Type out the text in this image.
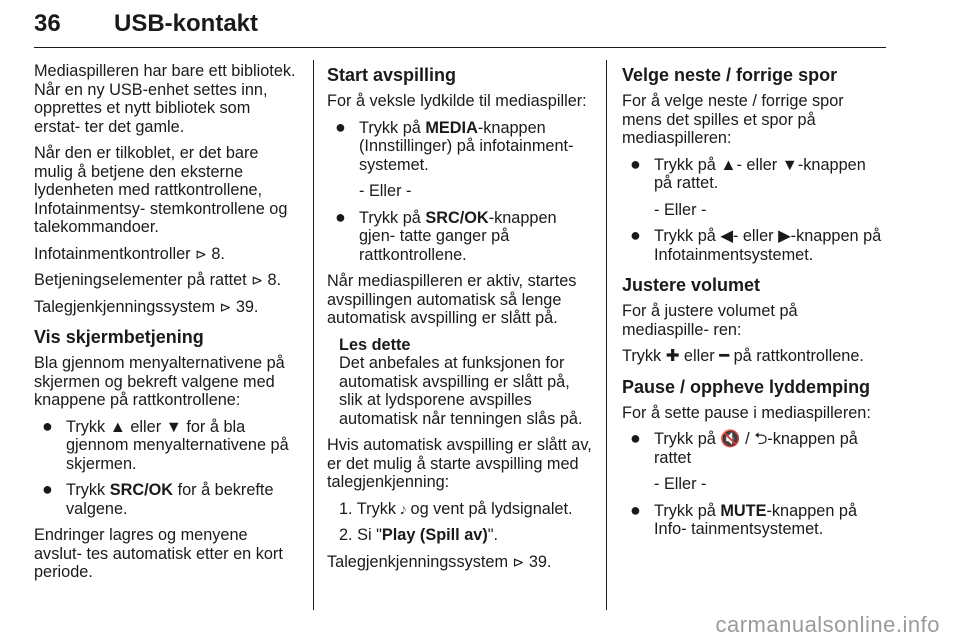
36 USB-kontakt

Mediaspilleren har bare ett bibliotek. Når en ny USB-enhet settes inn, opprettes et nytt bibliotek som erstat‐ ter det gamle.

Når den er tilkoblet, er det bare mulig å betjene den eksterne lydenheten med rattkontrollene, Infotainmentsy‐ stemkontrollene og talekommandoer.

Infotainmentkontroller ⊳ 8.

Betjeningselementer på rattet ⊳ 8.

Talegjenkjenningssystem ⊳ 39.

Vis skjermbetjening

Bla gjennom menyalternativene på skjermen og bekreft valgene med knappene på rattkontrollene:

● Trykk ▲ eller ▼ for å bla gjennom menyalternativene på skjermen.
● Trykk SRC/OK for å bekrefte valgene.

Endringer lagres og menyene avslut‐ tes automatisk etter en kort periode.

Start avspilling

For å veksle lydkilde til mediaspiller:

● Trykk på MEDIA-knappen (Innstillinger) på infotainment‐ systemet.
- Eller -
● Trykk på SRC/OK-knappen gjen‐ tatte ganger på rattkontrollene.

Når mediaspilleren er aktiv, startes avspillingen automatisk så lenge automatisk avspilling er slått på.

Les dette
Det anbefales at funksjonen for automatisk avspilling er slått på, slik at lydsporene avspilles automatisk når tenningen slås på.

Hvis automatisk avspilling er slått av, er det mulig å starte avspilling med talegjenkjenning:

1. Trykk 𝆕 og vent på lydsignalet.
2. Si "Play (Spill av)".

Talegjenkjenningssystem ⊳ 39.

Velge neste / forrige spor

For å velge neste / forrige spor mens det spilles et spor på mediaspilleren:

● Trykk på ▲- eller ▼-knappen på rattet.
- Eller -
● Trykk på ◀- eller ▶-knappen på Infotainmentsystemet.
Justere volumet

For å justere volumet på mediaspille‐ ren:

Trykk ✚ eller ━ på rattkontrollene.

Pause / oppheve lyddemping

For å sette pause i mediaspilleren:

● Trykk på 🔇 / ⮌-knappen på rattet
- Eller -
● Trykk på MUTE-knappen på Info‐ tainmentsystemet.
carmanualsonline.info
